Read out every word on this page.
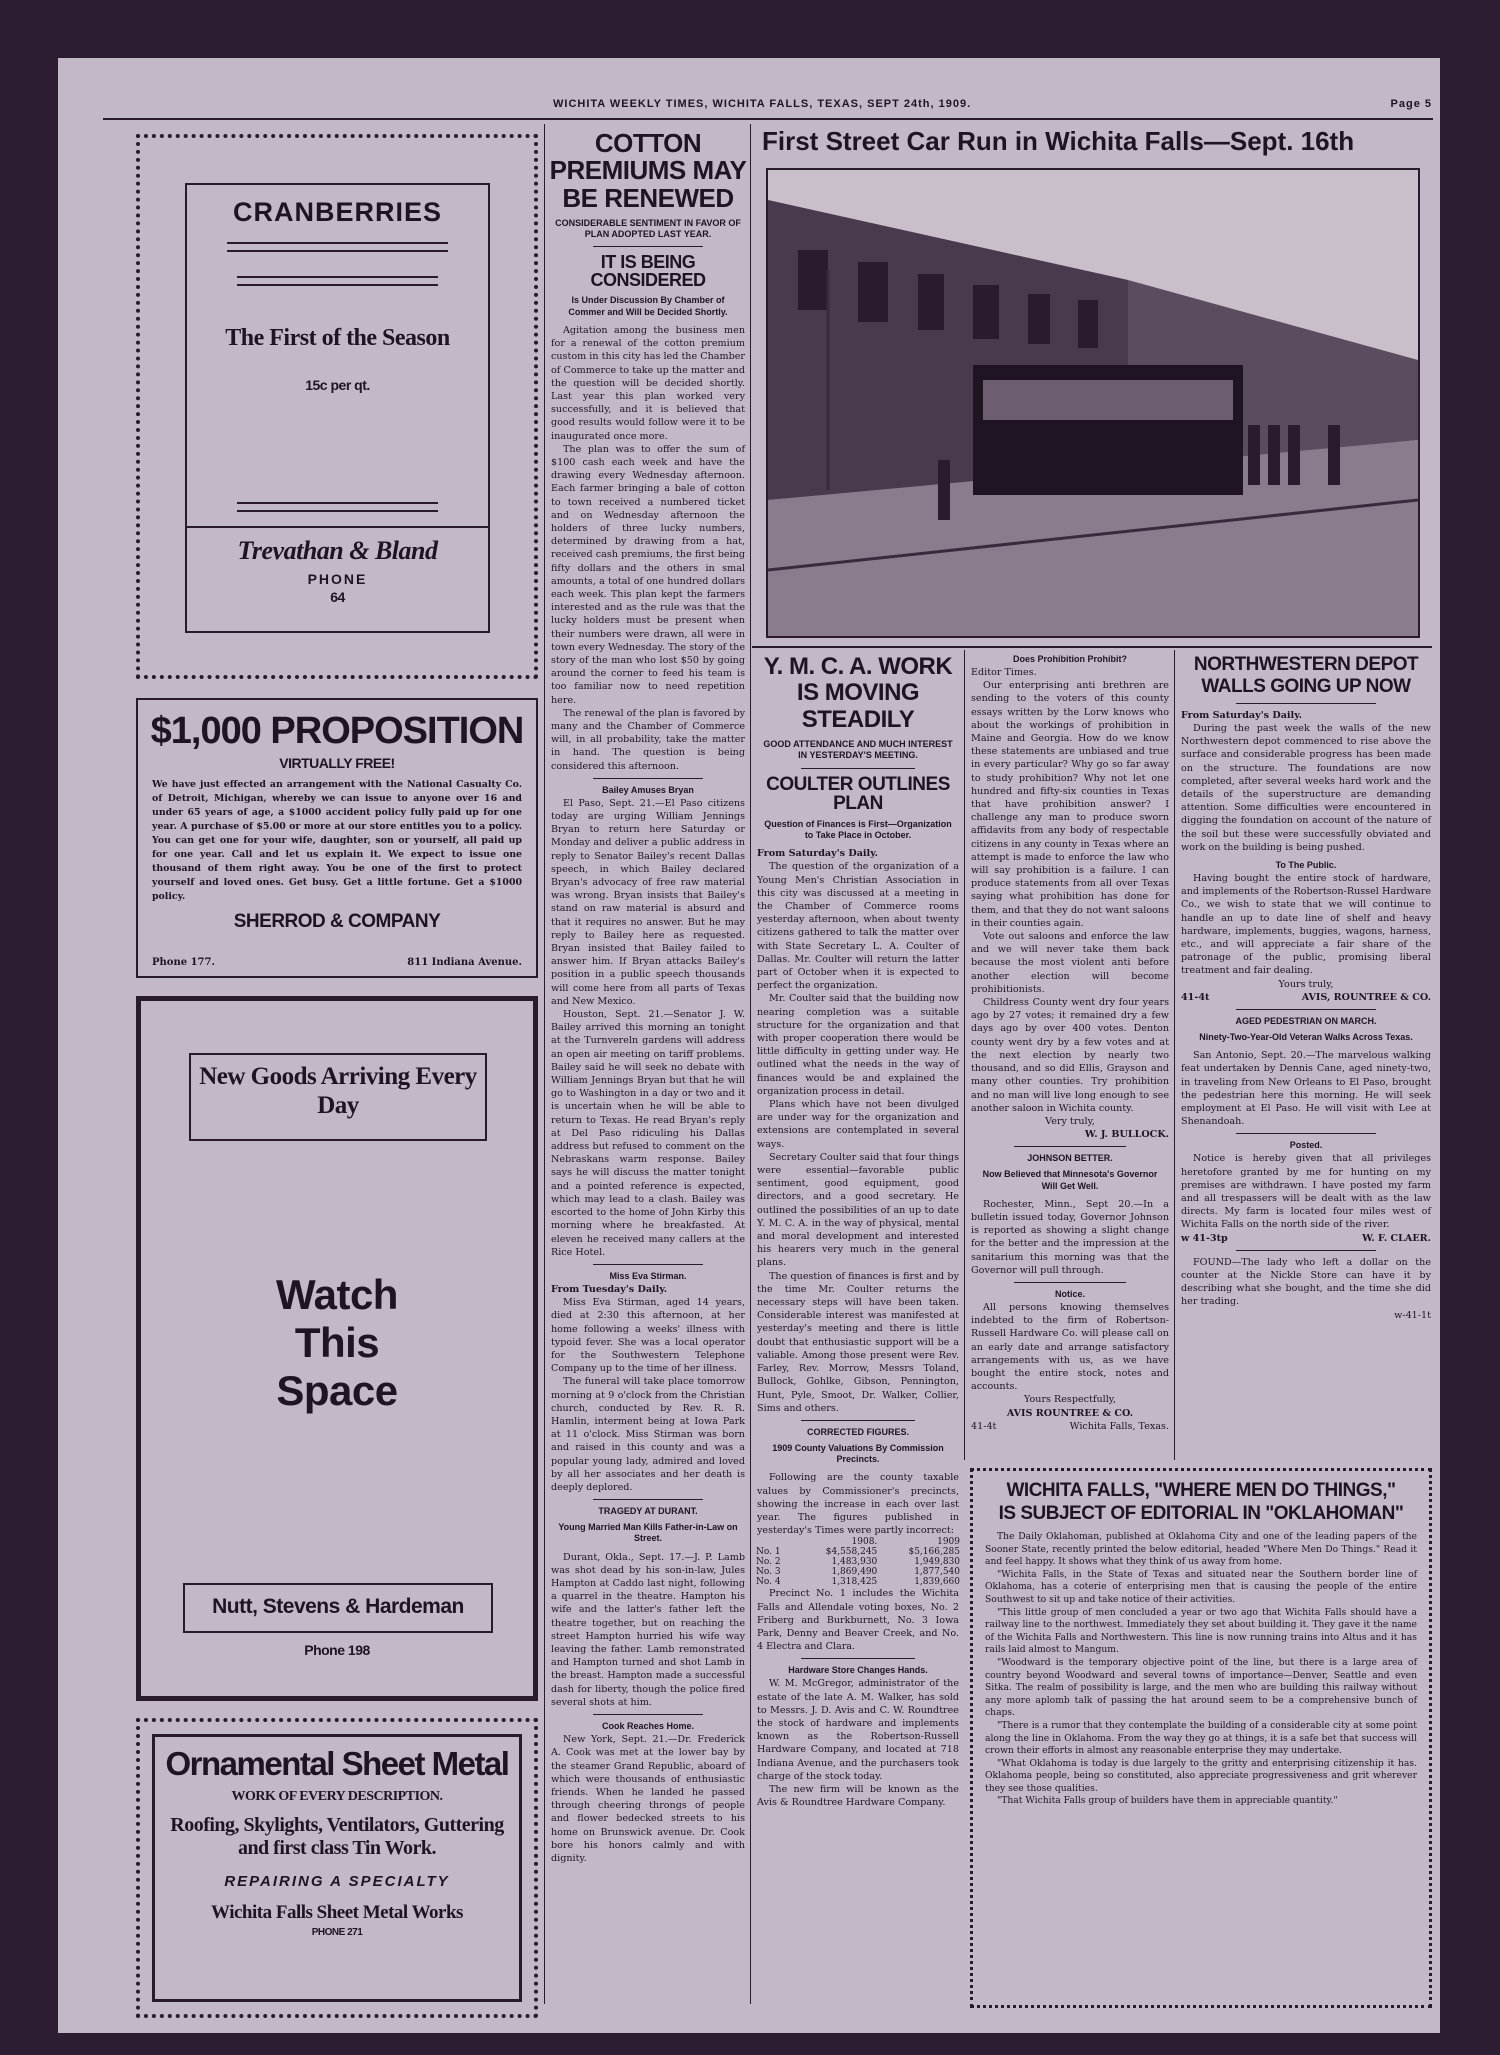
WICHITA WEEKLY TIMES, WICHITA FALLS, TEXAS, SEPT 24th, 1909.	Page 5
CRANBERRIES
The First of the Season
15c per qt.
Trevathan & Bland
PHONE
64
$1,000 PROPOSITION
VIRTUALLY FREE!
We have just effected an arrangement with the National Casualty Co. of Detroit, Michigan, whereby we can issue to anyone over 16 and under 65 years of age, a $1000 accident policy fully paid up for one year. A purchase of $5.00 or more at our store entitles you to a policy. You can get one for your wife, daughter, son or yourself, all paid up for one year. Call and let us explain it. We expect to issue one thousand of them right away. You be one of the first to protect yourself and loved ones. Get busy. Get a little fortune. Get a $1000 policy.
SHERROD & COMPANY
Phone 177.	811 Indiana Avenue.
New Goods Arriving Every Day
Watch
This
Space
Nutt, Stevens & Hardeman
Phone 198
Ornamental Sheet Metal
WORK OF EVERY DESCRIPTION.
Roofing, Skylights, Ventilators, Guttering and first class Tin Work.
REPAIRING A SPECIALTY
Wichita Falls Sheet Metal Works
PHONE 271
COTTON PREMIUMS MAY BE RENEWED
CONSIDERABLE SENTIMENT IN FAVOR OF PLAN ADOPTED LAST YEAR.
IT IS BEING CONSIDERED
Is Under Discussion By Chamber of Commer and Will be Decided Shortly.

Agitation among the business men for a renewal of the cotton premium custom in this city has led the Chamber of Commerce to take up the matter and the question will be decided shortly. Last year this plan worked very successfully, and it is believed that good results would follow were it to be inaugurated once more.

The plan was to offer the sum of $100 cash each week and have the drawing every Wednesday afternoon. Each farmer bringing a bale of cotton to town received a numbered ticket and on Wednesday afternoon the holders of three lucky numbers, determined by drawing from a hat, received cash premiums, the first being fifty dollars and the others in smal amounts, a total of one hundred dollars each week. This plan kept the farmers interested and as the rule was that the lucky holders must be present when their numbers were drawn, all were in town every Wednesday. The story of the story of the man who lost $50 by going around the corner to feed his team is too familiar now to need repetition here.

The renewal of the plan is favored by many and the Chamber of Commerce will, in all probability, take the matter in hand. The question is being considered this afternoon.

Bailey Amuses Bryan

El Paso, Sept. 21.—El Paso citizens today are urging William Jennings Bryan to return here Saturday or Monday and deliver a public address in reply to Senator Bailey's recent Dallas speech, in which Bailey declared Bryan's advocacy of free raw material was wrong. Bryan insists that Bailey's stand on raw material is absurd and that it requires no answer. But he may reply to Bailey here as requested. Bryan insisted that Bailey failed to answer him. If Bryan attacks Bailey's position in a public speech thousands will come here from all parts of Texas and New Mexico.

Houston, Sept. 21.—Senator J. W. Bailey arrived this morning an tonight at the Turnvereln gardens will address an open air meeting on tariff problems. Bailey said he will seek no debate with William Jennings Bryan but that he will go to Washington in a day or two and it is uncertain when he will be able to return to Texas. He read Bryan's reply at Del Paso ridiculing his Dallas address but refused to comment on the Nebraskans warm response. Bailey says he will discuss the matter tonight and a pointed reference is expected, which may lead to a clash. Bailey was escorted to the home of John Kirby this morning where he breakfasted. At eleven he received many callers at the Rice Hotel.

Miss Eva Stirman.
From Tuesday's Daily.

Miss Eva Stirman, aged 14 years, died at 2:30 this afternoon, at her home following a weeks' illness with typoid fever. She was a local operator for the Southwestern Telephone Company up to the time of her illness.

The funeral will take place tomorrow morning at 9 o'clock from the Christian church, conducted by Rev. R. R. Hamlin, interment being at Iowa Park at 11 o'clock. Miss Stirman was born and raised in this county and was a popular young lady, admired and loved by all her associates and her death is deeply deplored.

TRAGEDY AT DURANT.
Young Married Man Kills Father-in-Law on Street.

Durant, Okla., Sept. 17.—J. P. Lamb was shot dead by his son-in-law, Jules Hampton at Caddo last night, following a quarrel in the theatre. Hampton his wife and the latter's father left the theatre together, but on reaching the street Hampton hurried his wife way leaving the father. Lamb remonstrated and Hampton turned and shot Lamb in the breast. Hampton made a successful dash for liberty, though the police fired several shots at him.

Cook Reaches Home.

New York, Sept. 21.—Dr. Frederick A. Cook was met at the lower bay by the steamer Grand Republic, aboard of which were thousands of enthusiastic friends. When he landed he passed through cheering throngs of people and flower bedecked streets to his home on Brunswick avenue. Dr. Cook bore his honors calmly and with dignity.

First Street Car Run in Wichita Falls—Sept. 16th
Y. M. C. A. WORK IS MOVING STEADILY
GOOD ATTENDANCE AND MUCH INTEREST IN YESTERDAY'S MEETING.
COULTER OUTLINES PLAN
Question of Finances is First—Organization to Take Place in October.
From Saturday's Daily.

The question of the organization of a Young Men's Christian Association in this city was discussed at a meeting in the Chamber of Commerce rooms yesterday afternoon, when about twenty citizens gathered to talk the matter over with State Secretary L. A. Coulter of Dallas. Mr. Coulter will return the latter part of October when it is expected to perfect the organization.

Mr. Coulter said that the building now nearing completion was a suitable structure for the organization and that with proper cooperation there would be little difficulty in getting under way. He outlined what the needs in the way of finances would be and explained the organization process in detail.

Plans which have not been divulged are under way for the organization and extensions are contemplated in several ways.

Secretary Coulter said that four things were essential—favorable public sentiment, good equipment, good directors, and a good secretary. He outlined the possibilities of an up to date Y. M. C. A. in the way of physical, mental and moral development and interested his hearers very much in the general plans.

The question of finances is first and by the time Mr. Coulter returns the necessary steps will have been taken. Considerable interest was manifested at yesterday's meeting and there is little doubt that enthusiastic support will be a valiable. Among those present were Rev. Farley, Rev. Morrow, Messrs Toland, Bullock, Gohlke, Gibson, Pennington, Hunt, Pyle, Smoot, Dr. Walker, Collier, Sims and others.

CORRECTED FIGURES.
1909 County Valuations By Commission Precincts.

Following are the county taxable values by Commissioner's precincts, showing the increase in each over last year. The figures published in yesterday's Times were partly incorrect:

	1908.	1909
No. 1	$4,558,245	$5,166,285
No. 2	1,483,930	1,949,830
No. 3	1,869,490	1,877,540
No. 4	1,318,425	1,839,660

Precinct No. 1 includes the Wichita Falls and Allendale voting boxes, No. 2 Friberg and Burkburnett, No. 3 Iowa Park, Denny and Beaver Creek, and No. 4 Electra and Clara.

Hardware Store Changes Hands.

W. M. McGregor, administrator of the estate of the late A. M. Walker, has sold to Messrs. J. D. Avis and C. W. Roundtree the stock of hardware and implements known as the Robertson-Russell Hardware Company, and located at 718 Indiana Avenue, and the purchasers took charge of the stock today.

The new firm will be known as the Avis & Roundtree Hardware Company.

Does Prohibition Prohibit?
Editor Times.

Our enterprising anti brethren are sending to the voters of this county essays written by the Lorw knows who about the workings of prohibition in Maine and Georgia. How do we know these statements are unbiased and true in every particular? Why go so far away to study prohibition? Why not let one hundred and fifty-six counties in Texas that have prohibition answer? I challenge any man to produce sworn affidavits from any body of respectable citizens in any county in Texas where an attempt is made to enforce the law who will say prohibition is a failure. I can produce statements from all over Texas saying what prohibition has done for them, and that they do not want saloons in their counties again.

Vote out saloons and enforce the law and we will never take them back because the most violent anti before another election will become prohibitionists.

Childress County went dry four years ago by 27 votes; it remained dry a few days ago by over 400 votes. Denton county went dry by a few votes and at the next election by nearly two thousand, and so did Ellis, Grayson and many other counties. Try prohibition and no man will live long enough to see another saloon in Wichita county.

Very truly,
W. J. BULLOCK.
JOHNSON BETTER.
Now Believed that Minnesota's Governor Will Get Well.

Rochester, Minn., Sept 20.—In a bulletin issued today, Governor Johnson is reported as showing a slight change for the better and the impression at the sanitarium this morning was that the Governor will pull through.

Notice.

All persons knowing themselves indebted to the firm of Robertson-Russell Hardware Co. will please call on an early date and arrange satisfactory arrangements with us, as we have bought the entire stock, notes and accounts.

Yours Respectfully,
AVIS ROUNTREE & CO.
41-4t	Wichita Falls, Texas.
NORTHWESTERN DEPOT WALLS GOING UP NOW
From Saturday's Daily.

During the past week the walls of the new Northwestern depot commenced to rise above the surface and considerable progress has been made on the structure. The foundations are now completed, after several weeks hard work and the details of the superstructure are demanding attention. Some difficulties were encountered in digging the foundation on account of the nature of the soil but these were successfully obviated and work on the building is being pushed.

To The Public.

Having bought the entire stock of hardware, and implements of the Robertson-Russel Hardware Co., we wish to state that we will continue to handle an up to date line of shelf and heavy hardware, implements, buggies, wagons, harness, etc., and will appreciate a fair share of the patronage of the public, promising liberal treatment and fair dealing.

Yours truly,
41-4t	AVIS, ROUNTREE & CO.
AGED PEDESTRIAN ON MARCH.
Ninety-Two-Year-Old Veteran Walks Across Texas.

San Antonio, Sept. 20.—The marvelous walking feat undertaken by Dennis Cane, aged ninety-two, in traveling from New Orleans to El Paso, brought the pedestrian here this morning. He will seek employment at El Paso. He will visit with Lee at Shenandoah.

Posted.

Notice is hereby given that all privileges heretofore granted by me for hunting on my premises are withdrawn. I have posted my farm and all trespassers will be dealt with as the law directs. My farm is located four miles west of Wichita Falls on the north side of the river.

w 41-3tp	W. F. CLAER.

FOUND—The lady who left a dollar on the counter at the Nickle Store can have it by describing what she bought, and the time she did her trading.

w-41-1t
WICHITA FALLS, "WHERE MEN DO THINGS,"
IS SUBJECT OF EDITORIAL IN "OKLAHOMAN"

The Daily Oklahoman, published at Oklahoma City and one of the leading papers of the Sooner State, recently printed the below editorial, headed "Where Men Do Things." Read it and feel happy. It shows what they think of us away from home.

"Wichita Falls, in the State of Texas and situated near the Southern border line of Oklahoma, has a coterie of enterprising men that is causing the people of the entire Southwest to sit up and take notice of their activities.

"This little group of men concluded a year or two ago that Wichita Falls should have a railway line to the northwest. Immediately they set about building it. They gave it the name of the Wichita Falls and Northwestern. This line is now running trains into Altus and it has rails laid almost to Mangum.

"Woodward is the temporary objective point of the line, but there is a large area of country beyond Woodward and several towns of importance—Denver, Seattle and even Sitka. The realm of possibility is large, and the men who are building this railway without any more aplomb talk of passing the hat around seem to be a comprehensive bunch of chaps.

"There is a rumor that they contemplate the building of a considerable city at some point along the line in Oklahoma. From the way they go at things, it is a safe bet that success will crown their efforts in almost any reasonable enterprise they may undertake.

"What Oklahoma is today is due largely to the gritty and enterprising citizenship it has. Oklahoma people, being so constituted, also appreciate progressiveness and grit wherever they see those qualities.

"That Wichita Falls group of builders have them in appreciable quantity."
